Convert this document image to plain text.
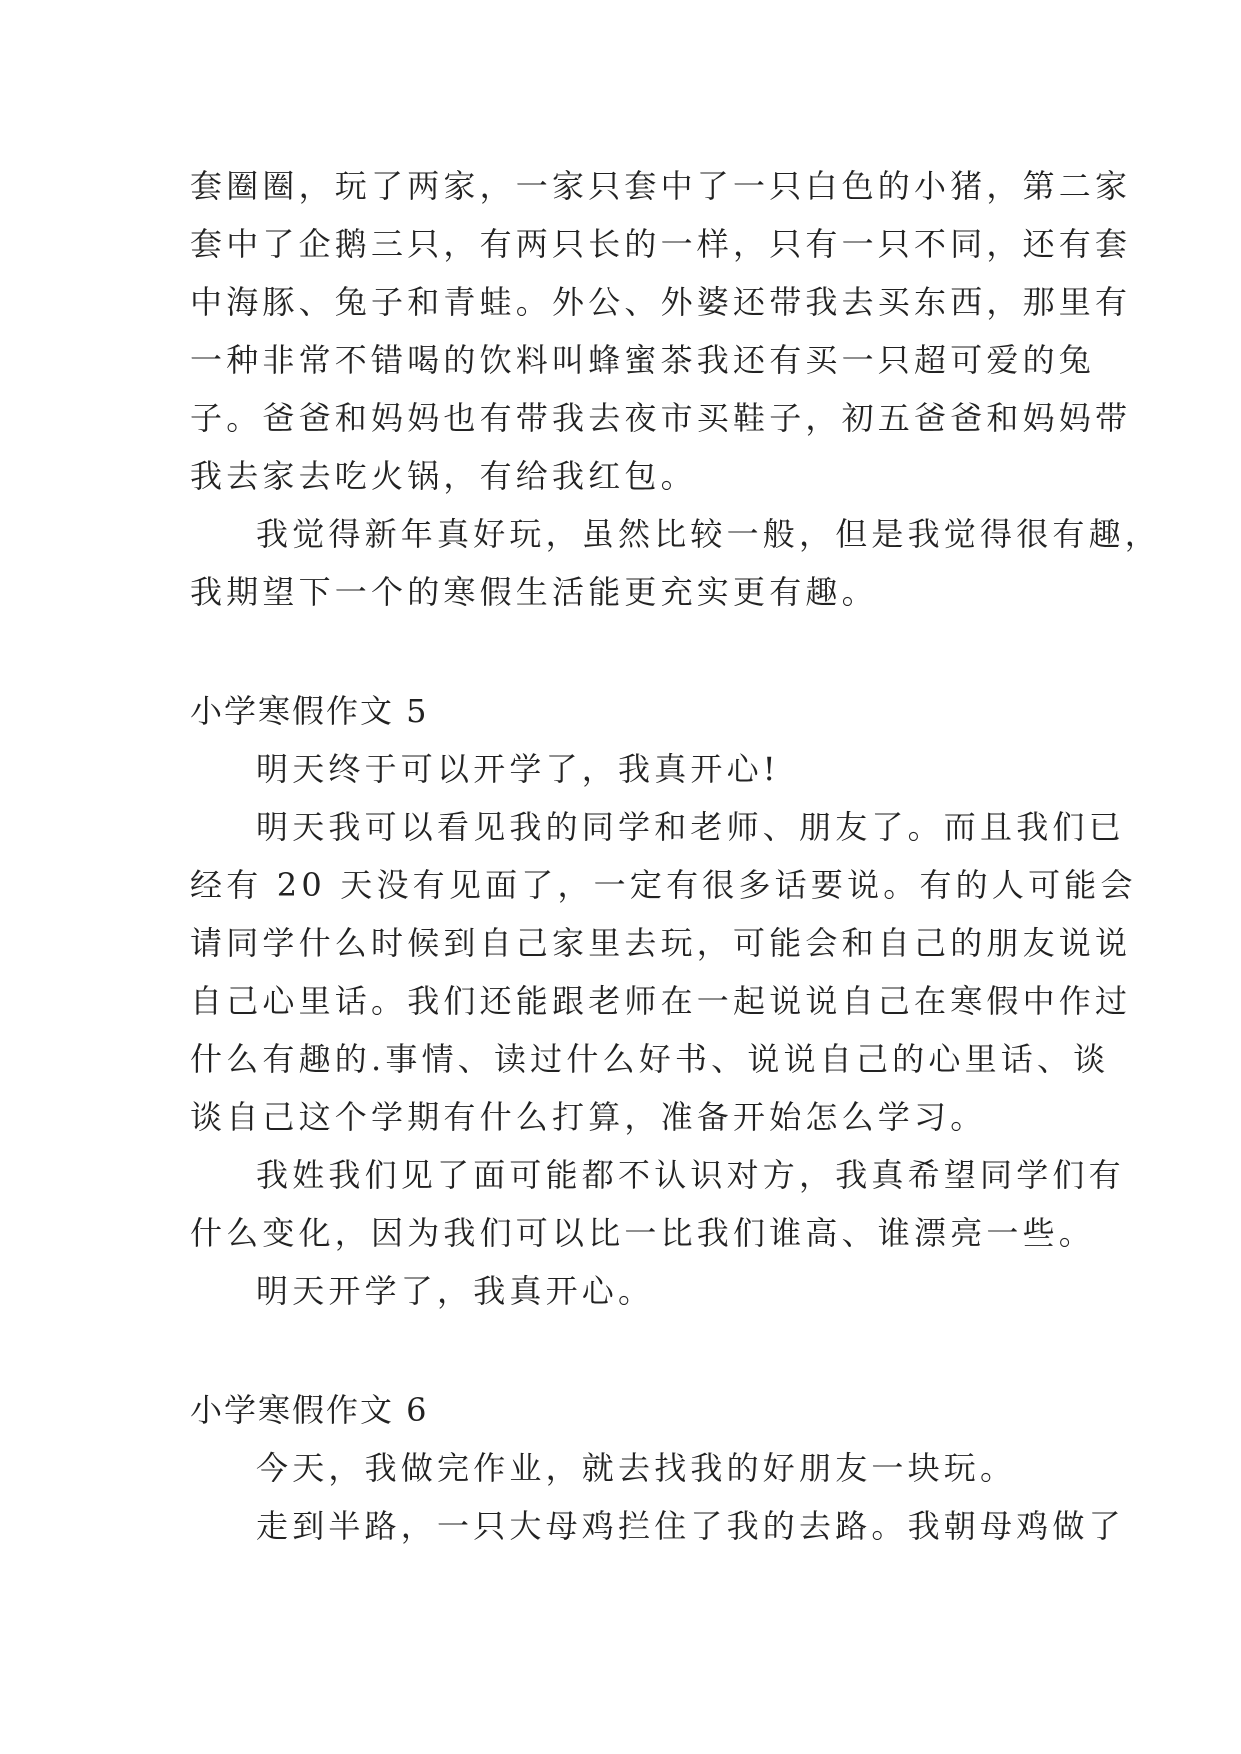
套圈圈，玩了两家，一家只套中了一只白色的小猪，第二家
套中了企鹅三只，有两只长的一样，只有一只不同，还有套
中海豚、兔子和青蛙。外公、外婆还带我去买东西，那里有
一种非常不错喝的饮料叫蜂蜜茶我还有买一只超可爱的兔
子。爸爸和妈妈也有带我去夜市买鞋子，初五爸爸和妈妈带
我去家去吃火锅，有给我红包。
我觉得新年真好玩，虽然比较一般，但是我觉得很有趣，
我期望下一个的寒假生活能更充实更有趣。
小学寒假作文 5
明天终于可以开学了，我真开心!
明天我可以看见我的同学和老师、朋友了。而且我们已
经有 20 天没有见面了，一定有很多话要说。有的人可能会
请同学什么时候到自己家里去玩，可能会和自己的朋友说说
自己心里话。我们还能跟老师在一起说说自己在寒假中作过
什么有趣的.事情、读过什么好书、说说自己的心里话、谈
谈自己这个学期有什么打算，准备开始怎么学习。
我姓我们见了面可能都不认识对方，我真希望同学们有
什么变化，因为我们可以比一比我们谁高、谁漂亮一些。
明天开学了，我真开心。
小学寒假作文 6
今天，我做完作业，就去找我的好朋友一块玩。
走到半路，一只大母鸡拦住了我的去路。我朝母鸡做了
